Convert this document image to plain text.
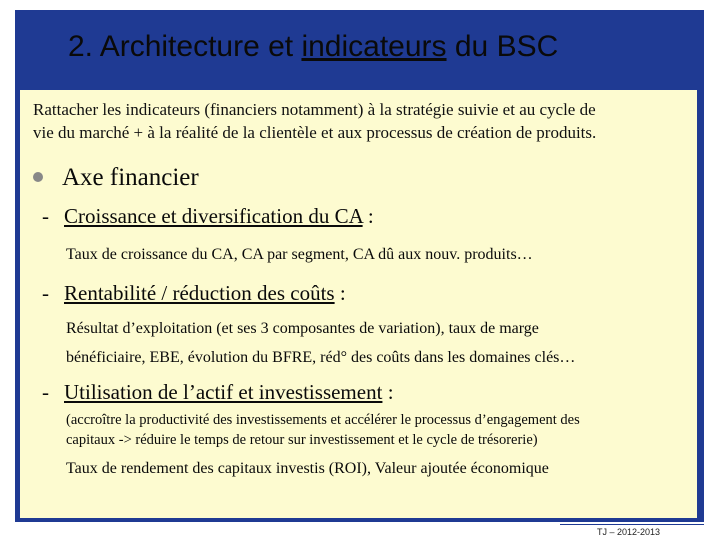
2. Architecture et indicateurs du BSC
Rattacher les indicateurs (financiers notamment) à la stratégie suivie et au cycle de
vie du marché + à la réalité de la clientèle et aux processus de création de produits.
Axe financier
- Croissance et diversification du CA :
Taux de croissance du CA, CA par segment, CA dû aux nouv. produits…
- Rentabilité / réduction des coûts :
Résultat d’exploitation (et ses 3 composantes de variation), taux de marge
bénéficiaire, EBE, évolution du BFRE, réd° des coûts dans les domaines clés…
- Utilisation de l’actif et investissement :
(accroître la productivité des investissements et accélérer le processus d’engagement des
capitaux -> réduire le temps de retour sur investissement et le cycle de trésorerie)
Taux de rendement des capitaux investis (ROI), Valeur ajoutée économique
TJ – 2012-2013
